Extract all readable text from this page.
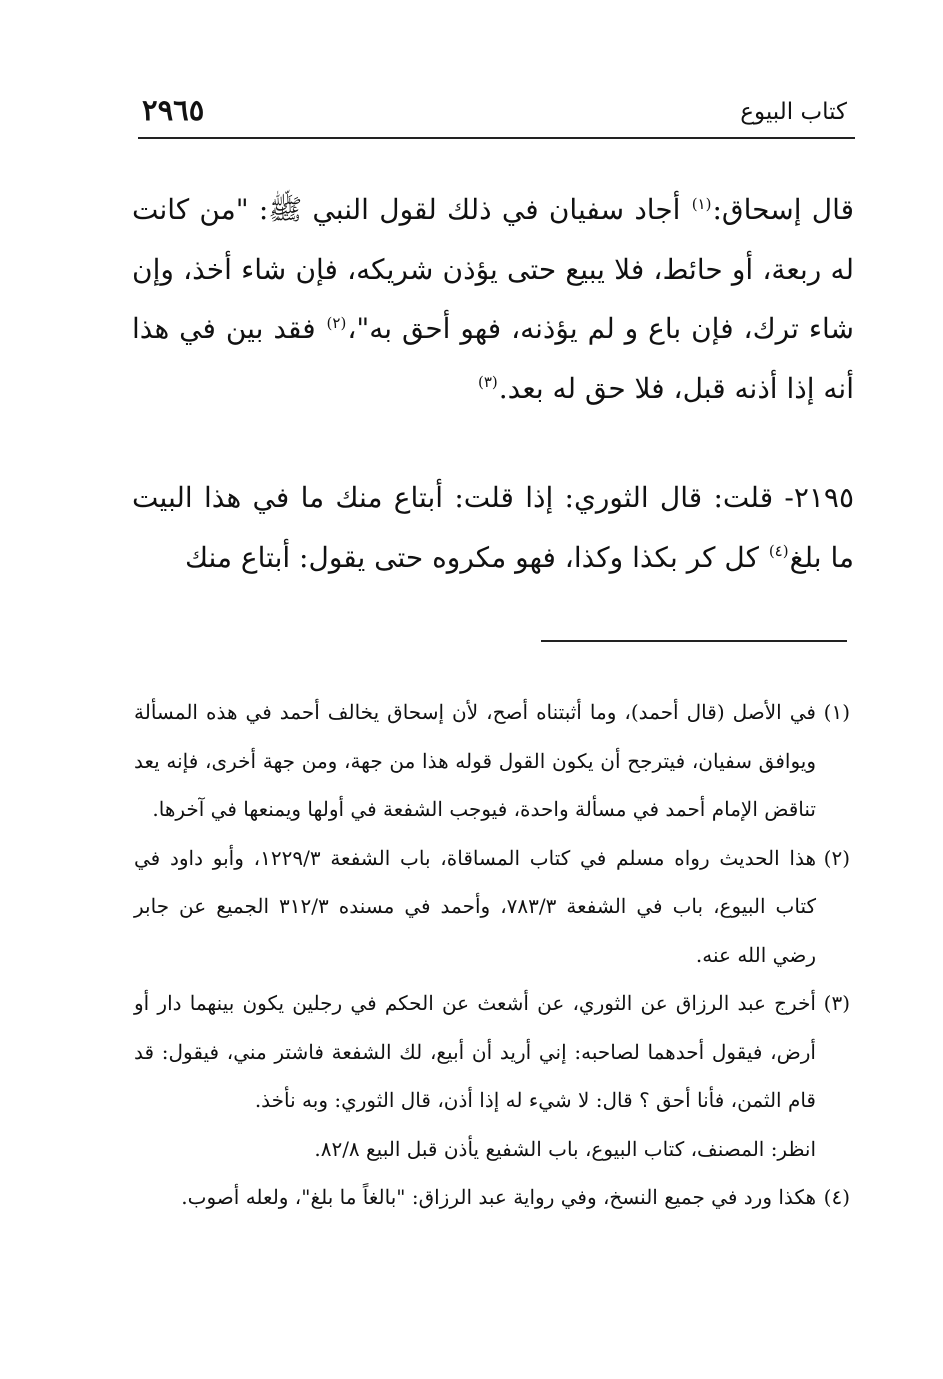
٢٩٦٥	كتاب البيوع

قال إسحاق:$^{(١)}$ أجاد سفيان في ذلك لقول النبي ﷺ: "من كانت له ربعة، أو حائط، فلا يبيع حتى يؤذن شريكه، فإن شاء أخذ، وإن شاء ترك، فإن باع و لم يؤذنه، فهو أحق به"،$^{(٢)}$ فقد بين في هذا أنه إذا أذنه قبل، فلا حق له بعد.$^{(٣)}$

٢١٩٥- قلت: قال الثوري: إذا قلت: أبتاع منك ما في هذا البيت ما بلغ$^{(٤)}$ كل كر بكذا وكذا، فهو مكروه حتى يقول: أبتاع منك

(١)
في الأصل (قال أحمد)، وما أثبتناه أصح، لأن إسحاق يخالف أحمد في هذه المسألة ويوافق سفيان، فيترجح أن يكون القول قوله هذا من جهة، ومن جهة أخرى، فإنه يعد تناقض الإمام أحمد في مسألة واحدة، فيوجب الشفعة في أولها ويمنعها في آخرها.
(٢)
هذا الحديث رواه مسلم في كتاب المساقاة، باب الشفعة ١٢٢٩/٣، وأبو داود في كتاب البيوع، باب في الشفعة ٧٨٣/٣، وأحمد في مسنده ٣١٢/٣ الجميع عن جابر رضي الله عنه.
(٣)
أخرج عبد الرزاق عن الثوري، عن أشعث عن الحكم في رجلين يكون بينهما دار أو أرض، فيقول أحدهما لصاحبه: إني أريد أن أبيع، لك الشفعة فاشتر مني، فيقول: قد قام الثمن، فأنا أحق ؟ قال: لا شيء له إذا أذن، قال الثوري: وبه نأخذ.
انظر: المصنف، كتاب البيوع، باب الشفيع يأذن قبل البيع ٨٢/٨.
(٤)
هكذا ورد في جميع النسخ، وفي رواية عبد الرزاق: "بالغاً ما بلغ"، ولعله أصوب.
